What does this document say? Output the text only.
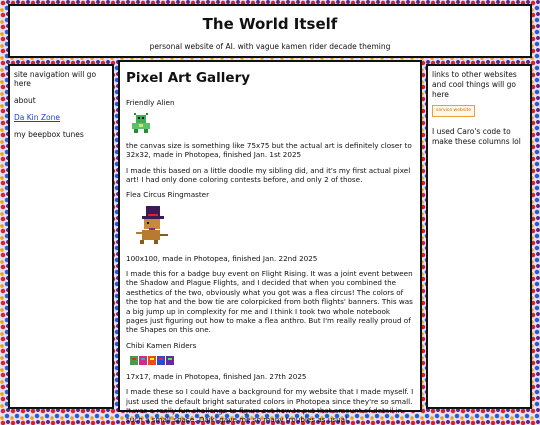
The World Itself
personal website of AI. with vague kamen rider decade theming
site navigation will go here
about
Da Kin Zone
my beepbox tunes
Pixel Art Gallery
Friendly Alien

the canvas size is something like 75x75 but the actual art is definitely closer to 32x32, made in Photopea, finished Jan. 1st 2025

I made this based on a little doodle my sibling did, and it's my first actual pixel art! I had only done coloring contests before, and only 2 of those.

Flea Circus Ringmaster

100x100, made in Photopea, finished Jan. 22nd 2025

I made this for a badge buy event on Flight Rising. It was a joint event between the Shadow and Plague Flights, and I decided that when you combined the aesthetics of the two, obviously what you got was a flea circus! The colors of the top hat and the bow tie are colorpicked from both flights' banners. This was a big jump up in complexity for me and I think I took two whole notebook pages just figuring out how to make a flea anthro. But I'm really really proud of the Shapes on this one.

Chibi Kamen Riders

17x17, made in Photopea, finished Jan. 27th 2025

I made these so I could have a background for my website that I made myself. I just used the default bright saturated colors in Photopea since they're so small. It was a really fun challenge to figure out how to put that amount of detail in such a small space. Daiki gave me so many troubles as usual.

links to other websites and cool things will go here
service website
I used Caro's code to make these columns lol
